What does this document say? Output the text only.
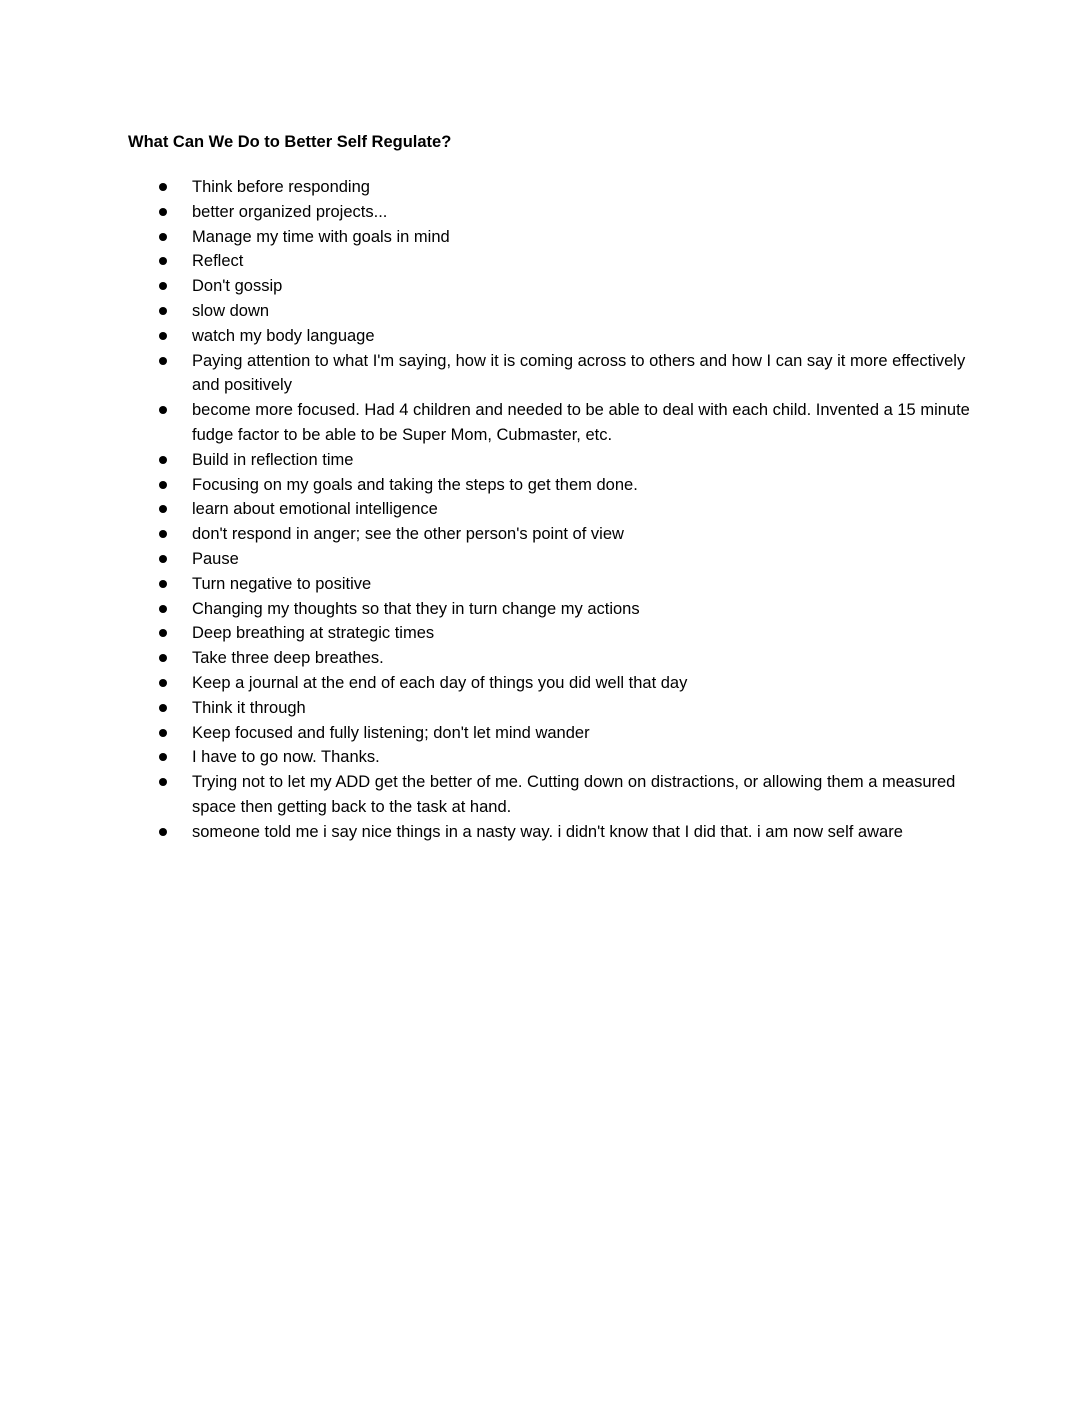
What Can We Do to Better Self Regulate?
Think before responding
better organized projects...
Manage my time with goals in mind
Reflect
Don't gossip
slow down
watch my body language
Paying attention to what I'm saying, how it is coming across to others and how I can say it more effectively and positively
become more focused. Had 4 children and needed to be able to deal with each child. Invented a 15 minute fudge factor to be able to be Super Mom, Cubmaster, etc.
Build in reflection time
Focusing on my goals and taking the steps to get them done.
learn about emotional intelligence
don't respond in anger; see the other person's point of view
Pause
Turn negative to positive
Changing my thoughts so that they in turn change my actions
Deep breathing at strategic times
Take three deep breathes.
Keep a journal at the end of each day of things you did well that day
Think it through
Keep focused and fully listening; don't let mind wander
I have to go now. Thanks.
Trying not to let my ADD get the better of me. Cutting down on distractions, or allowing them a measured space then getting back to the task at hand.
someone told me i say nice things in a nasty way. i didn't know that I did that. i am now self aware
